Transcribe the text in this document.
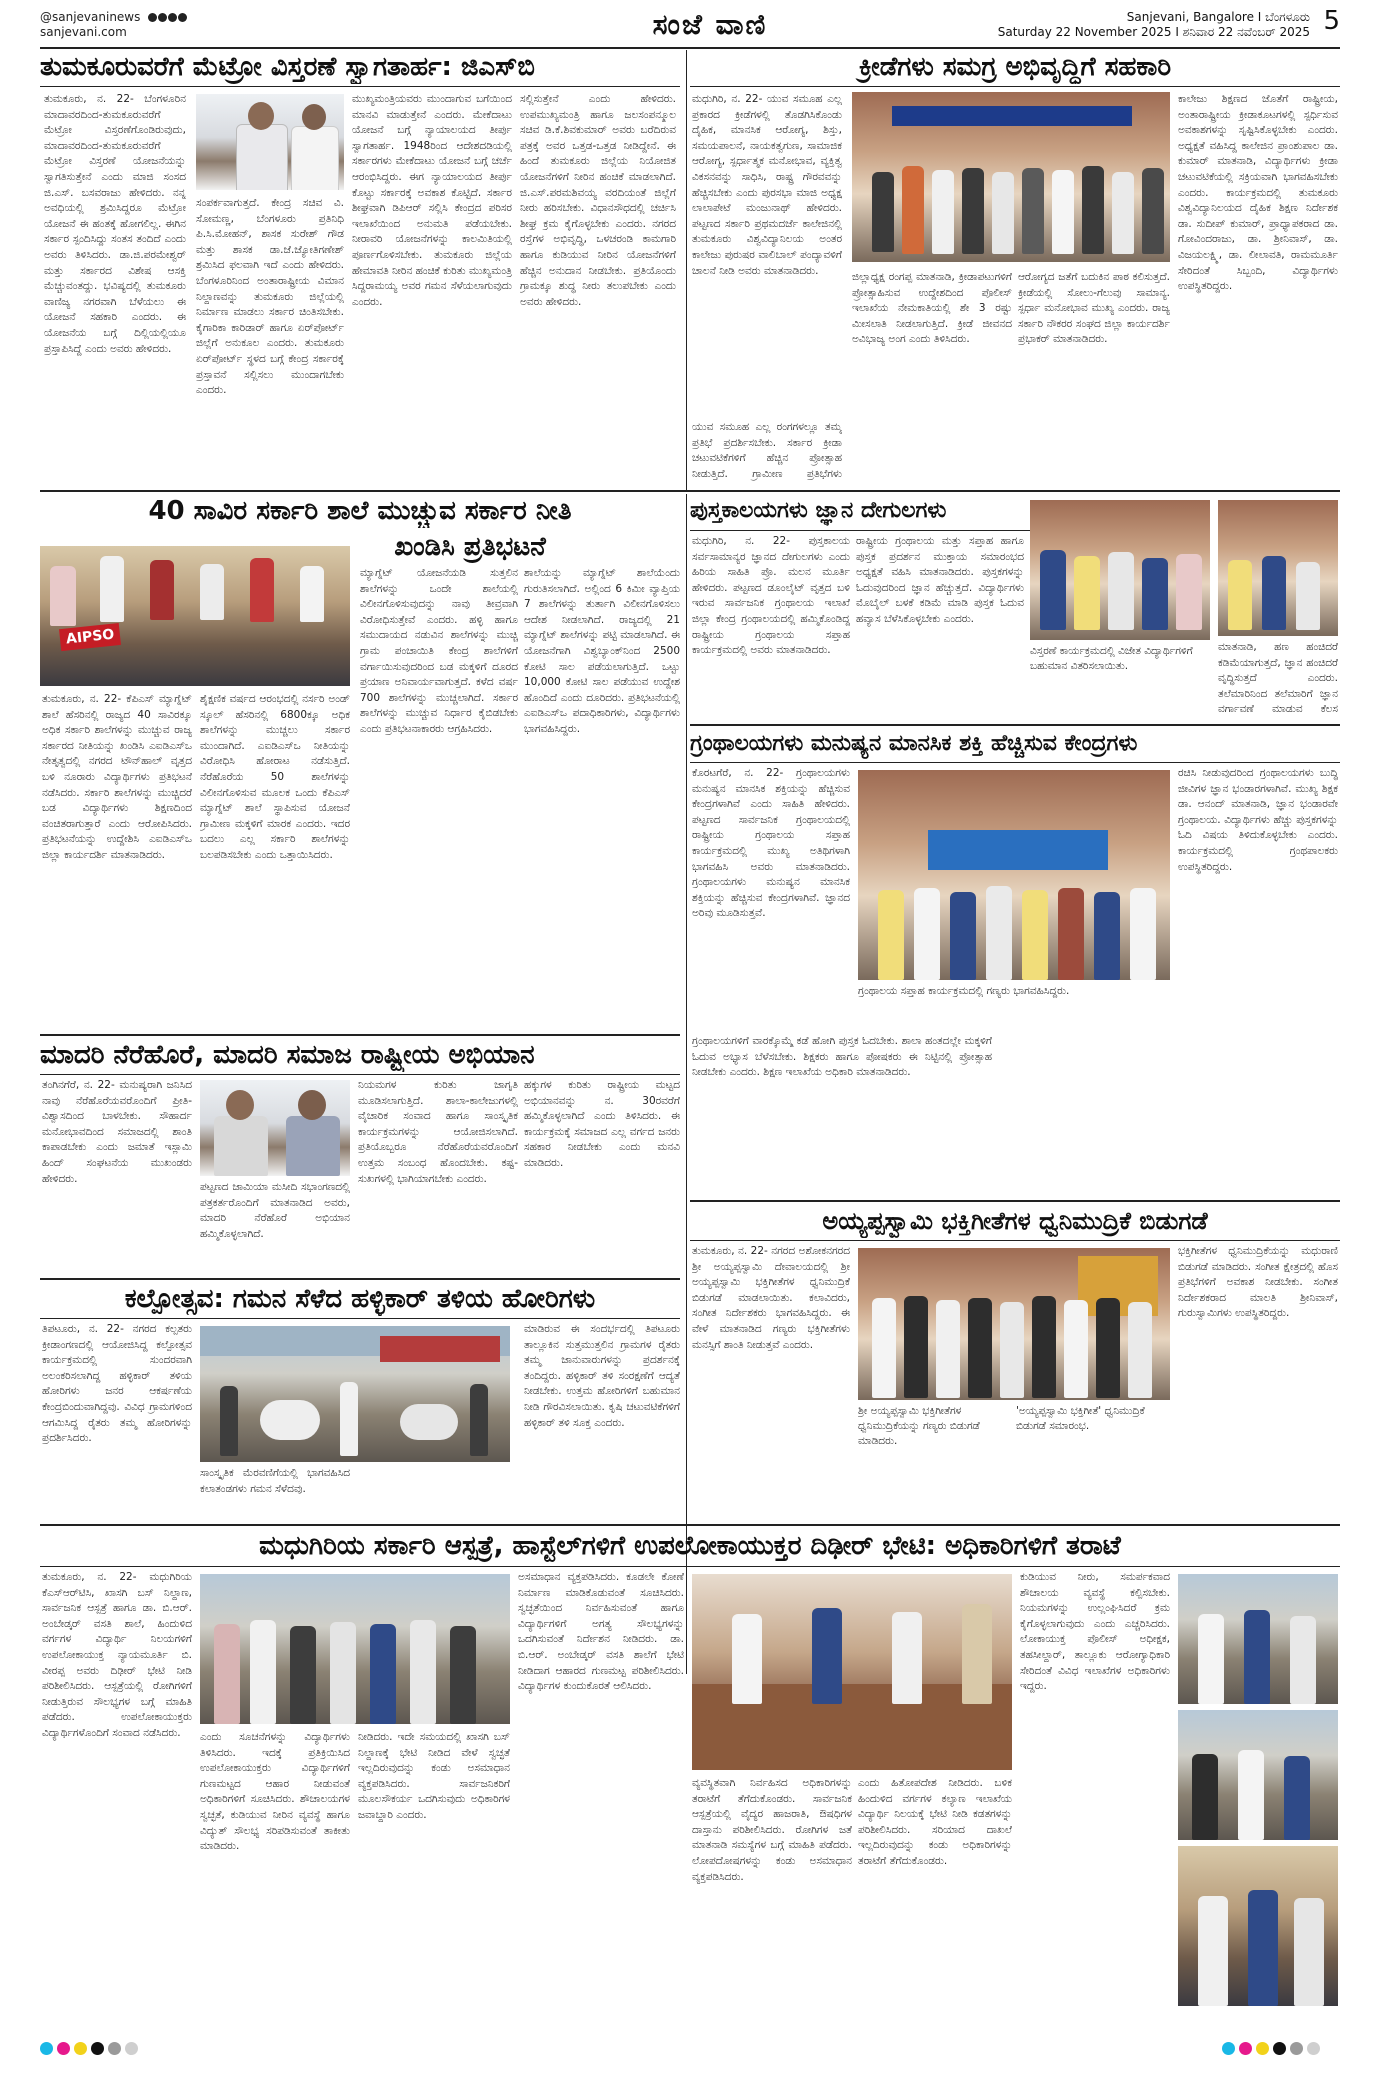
@sanjevaninews
sanjevani.com	ಸಂಜೆ ವಾಣಿ	Sanjevani, Bangalore I ಬೆಂಗಳೂರು
Saturday 22 November 2025 I ಶನಿವಾರ 22 ನವೆಂಬರ್ 2025 5
ತುಮಕೂರುವರೆಗೆ ಮೆಟ್ರೋ ವಿಸ್ತರಣೆ ಸ್ವಾಗತಾರ್ಹ: ಜಿಎಸ್‌ಬಿ
ತುಮಕೂರು, ನ. 22- ಬೆಂಗಳೂರಿನ ಮಾದಾವರದಿಂದ-ತುಮಕೂರುವರೆಗೆ ಮೆಟ್ರೋ ವಿಸ್ತರಣೆಗೊಂಡಿರುವುದು, ಮಾದಾವರದಿಂದ-ತುಮಕೂರುವರೆಗೆ ಮೆಟ್ರೋ ವಿಸ್ತರಣೆ ಯೋಜನೆಯನ್ನು ಸ್ವಾಗತಿಸುತ್ತೇನೆ ಎಂದು ಮಾಜಿ ಸಂಸದ ಜಿ.ಎಸ್. ಬಸವರಾಜು ಹೇಳಿದರು. ನನ್ನ ಅವಧಿಯಲ್ಲಿ ಶ್ರಮಿಸಿದ್ದರೂ ಮೆಟ್ರೋ ಯೋಜನೆ ಈ ಹಂತಕ್ಕೆ ಹೋಗಲಿಲ್ಲ. ಈಗಿನ ಸರ್ಕಾರ ಸ್ಪಂದಿಸಿದ್ದು ಸಂತಸ ತಂದಿದೆ ಎಂದು ಅವರು ತಿಳಿಸಿದರು. ಡಾ.ಜಿ.ಪರಮೇಶ್ವರ್ ಮತ್ತು ಸರ್ಕಾರದ ವಿಶೇಷ ಆಸಕ್ತಿ ಮೆಚ್ಚುವಂತದ್ದು. ಭವಿಷ್ಯದಲ್ಲಿ ತುಮಕೂರು ವಾಣಿಜ್ಯ ನಗರವಾಗಿ ಬೆಳೆಯಲು ಈ ಯೋಜನೆ ಸಹಕಾರಿ ಎಂದರು. ಈ ಯೋಜನೆಯ ಬಗ್ಗೆ ದಿಲ್ಲಿಯಲ್ಲಿಯೂ ಪ್ರಸ್ತಾಪಿಸಿದ್ದೆ ಎಂದು ಅವರು ಹೇಳಿದರು.
ಸಂಪರ್ಕವಾಗುತ್ತದೆ. ಕೇಂದ್ರ ಸಚಿವ ವಿ. ಸೋಮಣ್ಣ, ಬೆಂಗಳೂರು ಪ್ರತಿನಿಧಿ ಪಿ.ಸಿ.ಮೋಹನ್, ಶಾಸಕ ಸುರೇಶ್ ಗೌಡ ಮತ್ತು ಶಾಸಕ ಡಾ.ಜೆ.ಜ್ಯೋತಿಗಣೇಶ್ ಶ್ರಮಿಸಿದ ಫಲವಾಗಿ ಇದೆ ಎಂದು ಹೇಳಿದರು. ಬೆಂಗಳೂರಿನಿಂದ ಅಂತಾರಾಷ್ಟ್ರೀಯ ವಿಮಾನ ನಿಲ್ದಾಣವನ್ನು ತುಮಕೂರು ಜಿಲ್ಲೆಯಲ್ಲಿ ನಿರ್ಮಾಣ ಮಾಡಲು ಸರ್ಕಾರ ಚಿಂತಿಸಬೇಕು. ಕೈಗಾರಿಕಾ ಕಾರಿಡಾರ್ ಹಾಗೂ ಏರ್‌ಪೋರ್ಟ್ ಜಿಲ್ಲೆಗೆ ಅನುಕೂಲ ಎಂದರು. ತುಮಕೂರು ಏರ್‌ಪೋರ್ಟ್ ಸ್ಥಳದ ಬಗ್ಗೆ ಕೇಂದ್ರ ಸರ್ಕಾರಕ್ಕೆ ಪ್ರಸ್ತಾವನೆ ಸಲ್ಲಿಸಲು ಮುಂದಾಗಬೇಕು ಎಂದರು.
ಮುಖ್ಯಮಂತ್ರಿಯವರು ಮುಂದಾಗುವ ಬಗೆಯಿಂದ ಮಾನವಿ ಮಾಡುತ್ತೇನೆ ಎಂದರು. ಮೇಕೆದಾಟು ಯೋಜನೆ ಬಗ್ಗೆ ನ್ಯಾಯಾಲಯದ ತೀರ್ಪು ಸ್ವಾಗತಾರ್ಹ. 1948ರಿಂದ ಆದೇಶದಡಿಯಲ್ಲಿ ಸರ್ಕಾರಗಳು ಮೇಕೆದಾಟು ಯೋಜನೆ ಬಗ್ಗೆ ಚರ್ಚೆ ಆರಂಭಿಸಿದ್ದರು. ಈಗ ನ್ಯಾಯಾಲಯದ ತೀರ್ಪು ಕೊಟ್ಟು ಸರ್ಕಾರಕ್ಕೆ ಅವಕಾಶ ಕೊಟ್ಟಿದೆ. ಸರ್ಕಾರ ಶೀಘ್ರವಾಗಿ ಡಿಪಿಆರ್ ಸಲ್ಲಿಸಿ ಕೇಂದ್ರದ ಪರಿಸರ ಇಲಾಖೆಯಿಂದ ಅನುಮತಿ ಪಡೆಯಬೇಕು. ನೀರಾವರಿ ಯೋಜನೆಗಳನ್ನು ಕಾಲಮಿತಿಯಲ್ಲಿ ಪೂರ್ಣಗೊಳಿಸಬೇಕು. ತುಮಕೂರು ಜಿಲ್ಲೆಯ ಹೇಮಾವತಿ ನೀರಿನ ಹಂಚಿಕೆ ಕುರಿತು ಮುಖ್ಯಮಂತ್ರಿ ಸಿದ್ದರಾಮಯ್ಯ ಅವರ ಗಮನ ಸೆಳೆಯಲಾಗುವುದು ಎಂದರು.
ಸಲ್ಲಿಸುತ್ತೇನೆ ಎಂದು ಹೇಳಿದರು. ಉಪಮುಖ್ಯಮಂತ್ರಿ ಹಾಗೂ ಜಲಸಂಪನ್ಮೂಲ ಸಚಿವ ಡಿ.ಕೆ.ಶಿವಕುಮಾರ್ ಅವರು ಬರೆದಿರುವ ಪತ್ರಕ್ಕೆ ಅವರ ಒತ್ತಡ-ಒತ್ತಡ ನೀಡಿದ್ದೇನೆ. ಈ ಹಿಂದೆ ತುಮಕೂರು ಜಿಲ್ಲೆಯ ನಿಯೋಜಿತ ಯೋಜನೆಗಳಿಗೆ ನೀರಿನ ಹಂಚಿಕೆ ಮಾಡಲಾಗಿದೆ. ಜಿ.ಎಸ್.ಪರಮಶಿವಯ್ಯ ವರದಿಯಂತೆ ಜಿಲ್ಲೆಗೆ ನೀರು ಹರಿಸಬೇಕು. ವಿಧಾನಸೌಧದಲ್ಲಿ ಚರ್ಚಿಸಿ ಶೀಘ್ರ ಕ್ರಮ ಕೈಗೊಳ್ಳಬೇಕು ಎಂದರು. ನಗರದ ರಸ್ತೆಗಳ ಅಭಿವೃದ್ಧಿ, ಒಳಚರಂಡಿ ಕಾಮಗಾರಿ ಹಾಗೂ ಕುಡಿಯುವ ನೀರಿನ ಯೋಜನೆಗಳಿಗೆ ಹೆಚ್ಚಿನ ಅನುದಾನ ನೀಡಬೇಕು. ಪ್ರತಿಯೊಂದು ಗ್ರಾಮಕ್ಕೂ ಶುದ್ಧ ನೀರು ತಲುಪಬೇಕು ಎಂದು ಅವರು ಹೇಳಿದರು.
ಕ್ರೀಡೆಗಳು ಸಮಗ್ರ ಅಭಿವೃದ್ಧಿಗೆ ಸಹಕಾರಿ
ಮಧುಗಿರಿ, ನ. 22- ಯುವ ಸಮೂಹ ಎಲ್ಲ ಪ್ರಕಾರದ ಕ್ರೀಡೆಗಳಲ್ಲಿ ತೊಡಗಿಸಿಕೊಂಡು ದೈಹಿಕ, ಮಾನಸಿಕ ಆರೋಗ್ಯ, ಶಿಸ್ತು, ಸಮಯಪಾಲನೆ, ನಾಯಕತ್ವಗುಣ, ಸಾಮಾಜಿಕ ಆರೋಗ್ಯ, ಸ್ಪರ್ಧಾತ್ಮಕ ಮನೋಭಾವ, ವ್ಯಕ್ತಿತ್ವ ವಿಕಸನವನ್ನು ಸಾಧಿಸಿ, ರಾಷ್ಟ್ರ ಗೌರವವನ್ನು ಹೆಚ್ಚಿಸಬೇಕು ಎಂದು ಪುರಸಭಾ ಮಾಜಿ ಅಧ್ಯಕ್ಷ ಲಾಲಾಪೇಟೆ ಮಂಜುನಾಥ್ ಹೇಳಿದರು. ಪಟ್ಟಣದ ಸರ್ಕಾರಿ ಪ್ರಥಮದರ್ಜೆ ಕಾಲೇಜಿನಲ್ಲಿ ತುಮಕೂರು ವಿಶ್ವವಿದ್ಯಾನಿಲಯ ಅಂತರ ಕಾಲೇಜು ಪುರುಷರ ವಾಲಿಬಾಲ್ ಪಂದ್ಯಾವಳಿಗೆ ಚಾಲನೆ ನೀಡಿ ಅವರು ಮಾತನಾಡಿದರು.
ಜಿಲ್ಲಾಧ್ಯಕ್ಷ ರಂಗಪ್ಪ ಮಾತನಾಡಿ, ಕ್ರೀಡಾಪಟುಗಳಿಗೆ ಪ್ರೋತ್ಸಾಹಿಸುವ ಉದ್ದೇಶದಿಂದ ಪೊಲೀಸ್ ಇಲಾಖೆಯ ನೇಮಕಾತಿಯಲ್ಲಿ ಶೇ 3 ರಷ್ಟು ಮೀಸಲಾತಿ ನೀಡಲಾಗುತ್ತಿದೆ. ಕ್ರೀಡೆ ಜೀವನದ ಅವಿಭಾಜ್ಯ ಅಂಗ ಎಂದು ತಿಳಿಸಿದರು.
ಆರೋಗ್ಯದ ಜತೆಗೆ ಬದುಕಿನ ಪಾಠ ಕಲಿಸುತ್ತದೆ. ಕ್ರೀಡೆಯಲ್ಲಿ ಸೋಲು-ಗೆಲುವು ಸಾಮಾನ್ಯ. ಸ್ಪರ್ಧಾ ಮನೋಭಾವ ಮುಖ್ಯ ಎಂದರು. ರಾಜ್ಯ ಸರ್ಕಾರಿ ನೌಕರರ ಸಂಘದ ಜಿಲ್ಲಾ ಕಾರ್ಯದರ್ಶಿ ಪ್ರಭಾಕರ್ ಮಾತನಾಡಿದರು.
ಯುವ ಸಮೂಹ ಎಲ್ಲ ರಂಗಗಳಲ್ಲೂ ತಮ್ಮ ಪ್ರತಿಭೆ ಪ್ರದರ್ಶಿಸಬೇಕು. ಸರ್ಕಾರ ಕ್ರೀಡಾ ಚಟುವಟಿಕೆಗಳಿಗೆ ಹೆಚ್ಚಿನ ಪ್ರೋತ್ಸಾಹ ನೀಡುತ್ತಿದೆ. ಗ್ರಾಮೀಣ ಪ್ರತಿಭೆಗಳು
ಕಾಲೇಜು ಶಿಕ್ಷಣದ ಜೊತೆಗೆ ರಾಷ್ಟ್ರೀಯ, ಅಂತಾರಾಷ್ಟ್ರೀಯ ಕ್ರೀಡಾಕೂಟಗಳಲ್ಲಿ ಸ್ಪರ್ಧಿಸುವ ಅವಕಾಶಗಳನ್ನು ಸೃಷ್ಟಿಸಿಕೊಳ್ಳಬೇಕು ಎಂದರು. ಅಧ್ಯಕ್ಷತೆ ವಹಿಸಿದ್ದ ಕಾಲೇಜಿನ ಪ್ರಾಂಶುಪಾಲ ಡಾ. ಕುಮಾರ್ ಮಾತನಾಡಿ, ವಿದ್ಯಾರ್ಥಿಗಳು ಕ್ರೀಡಾ ಚಟುವಟಿಕೆಯಲ್ಲಿ ಸಕ್ರಿಯವಾಗಿ ಭಾಗವಹಿಸಬೇಕು ಎಂದರು. ಕಾರ್ಯಕ್ರಮದಲ್ಲಿ ತುಮಕೂರು ವಿಶ್ವವಿದ್ಯಾನಿಲಯದ ದೈಹಿಕ ಶಿಕ್ಷಣ ನಿರ್ದೇಶಕ ಡಾ. ಸುದೀಪ್ ಕುಮಾರ್, ಪ್ರಾಧ್ಯಾಪಕರಾದ ಡಾ. ಗೋವಿಂದರಾಜು, ಡಾ. ಶ್ರೀನಿವಾಸ್, ಡಾ. ವಿಜಯಲಕ್ಷ್ಮಿ, ಡಾ. ಲೀಲಾವತಿ, ರಾಮಮೂರ್ತಿ ಸೇರಿದಂತೆ ಸಿಬ್ಬಂದಿ, ವಿದ್ಯಾರ್ಥಿಗಳು ಉಪಸ್ಥಿತರಿದ್ದರು.
40 ಸಾವಿರ ಸರ್ಕಾರಿ ಶಾಲೆ ಮುಚ್ಚುವ ಸರ್ಕಾರ ನೀತಿ
ಖಂಡಿಸಿ ಪ್ರತಿಭಟನೆ
AIPSO
ತುಮಕೂರು, ನ. 22- ಕೆಪಿಎಸ್ ಮ್ಯಾಗ್ನೆಟ್ ಶಾಲೆ ಹೆಸರಿನಲ್ಲಿ ರಾಜ್ಯದ 40 ಸಾವಿರಕ್ಕೂ ಅಧಿಕ ಸರ್ಕಾರಿ ಶಾಲೆಗಳನ್ನು ಮುಚ್ಚುವ ರಾಜ್ಯ ಸರ್ಕಾರದ ನೀತಿಯನ್ನು ಖಂಡಿಸಿ ಎಐಡಿಎಸ್‌ಒ ನೇತೃತ್ವದಲ್ಲಿ ನಗರದ ಟೌನ್‌ಹಾಲ್ ವೃತ್ತದ ಬಳಿ ನೂರಾರು ವಿದ್ಯಾರ್ಥಿಗಳು ಪ್ರತಿಭಟನೆ ನಡೆಸಿದರು. ಸರ್ಕಾರಿ ಶಾಲೆಗಳನ್ನು ಮುಚ್ಚಿದರೆ ಬಡ ವಿದ್ಯಾರ್ಥಿಗಳು ಶಿಕ್ಷಣದಿಂದ ವಂಚಿತರಾಗುತ್ತಾರೆ ಎಂದು ಆರೋಪಿಸಿದರು. ಪ್ರತಿಭಟನೆಯನ್ನು ಉದ್ದೇಶಿಸಿ ಎಐಡಿಎಸ್‌ಒ ಜಿಲ್ಲಾ ಕಾರ್ಯದರ್ಶಿ ಮಾತನಾಡಿದರು.
ಶೈಕ್ಷಣಿಕ ವರ್ಷದ ಆರಂಭದಲ್ಲಿ ನರ್ಸರಿ ಅಂಡ್ ಸ್ಕೂಲ್ ಹೆಸರಿನಲ್ಲಿ 6800ಕ್ಕೂ ಅಧಿಕ ಶಾಲೆಗಳನ್ನು ಮುಚ್ಚಲು ಸರ್ಕಾರ ಮುಂದಾಗಿದೆ. ಎಐಡಿಎಸ್‌ಒ ನೀತಿಯನ್ನು ವಿರೋಧಿಸಿ ಹೋರಾಟ ನಡೆಸುತ್ತಿದೆ. ನೆರೆಹೊರೆಯ 50 ಶಾಲೆಗಳನ್ನು ವಿಲೀನಗೊಳಿಸುವ ಮೂಲಕ ಒಂದು ಕೆಪಿಎಸ್ ಮ್ಯಾಗ್ನೆಟ್ ಶಾಲೆ ಸ್ಥಾಪಿಸುವ ಯೋಜನೆ ಗ್ರಾಮೀಣ ಮಕ್ಕಳಿಗೆ ಮಾರಕ ಎಂದರು. ಇದರ ಬದಲು ಎಲ್ಲ ಸರ್ಕಾರಿ ಶಾಲೆಗಳನ್ನು ಬಲಪಡಿಸಬೇಕು ಎಂದು ಒತ್ತಾಯಿಸಿದರು.
ಮ್ಯಾಗ್ನೆಟ್ ಯೋಜನೆಯಡಿ ಸುತ್ತಲಿನ ಶಾಲೆಗಳನ್ನು ಒಂದೇ ಶಾಲೆಯಲ್ಲಿ ವಿಲೀನಗೊಳಿಸುವುದನ್ನು ನಾವು ತೀವ್ರವಾಗಿ ವಿರೋಧಿಸುತ್ತೇವೆ ಎಂದರು. ಹಳ್ಳಿ ಹಾಗೂ ಸಮುದಾಯದ ನಡುವಿನ ಶಾಲೆಗಳನ್ನು ಮುಚ್ಚಿ ಗ್ರಾಮ ಪಂಚಾಯಿತಿ ಕೇಂದ್ರ ಶಾಲೆಗಳಿಗೆ ವರ್ಗಾಯಿಸುವುದರಿಂದ ಬಡ ಮಕ್ಕಳಿಗೆ ದೂರದ ಪ್ರಯಾಣ ಅನಿವಾರ್ಯವಾಗುತ್ತದೆ. ಕಳೆದ ವರ್ಷ 700 ಶಾಲೆಗಳನ್ನು ಮುಚ್ಚಲಾಗಿದೆ. ಸರ್ಕಾರ ಶಾಲೆಗಳನ್ನು ಮುಚ್ಚುವ ನಿರ್ಧಾರ ಕೈಬಿಡಬೇಕು ಎಂದು ಪ್ರತಿಭಟನಾಕಾರರು ಆಗ್ರಹಿಸಿದರು.
ಶಾಲೆಯನ್ನು ಮ್ಯಾಗ್ನೆಟ್ ಶಾಲೆಯೆಂದು ಗುರುತಿಸಲಾಗಿದೆ. ಅಲ್ಲಿಂದ 6 ಕಿಮೀ ವ್ಯಾಪ್ತಿಯ 7 ಶಾಲೆಗಳನ್ನು ತುರ್ತಾಗಿ ವಿಲೀನಗೊಳಿಸಲು ಆದೇಶ ನೀಡಲಾಗಿದೆ. ರಾಜ್ಯದಲ್ಲಿ 21 ಮ್ಯಾಗ್ನೆಟ್ ಶಾಲೆಗಳನ್ನು ಪಟ್ಟಿ ಮಾಡಲಾಗಿದೆ. ಈ ಯೋಜನೆಗಾಗಿ ವಿಶ್ವಬ್ಯಾಂಕ್‌ನಿಂದ 2500 ಕೋಟಿ ಸಾಲ ಪಡೆಯಲಾಗುತ್ತಿದೆ. ಒಟ್ಟು 10,000 ಕೋಟಿ ಸಾಲ ಪಡೆಯುವ ಉದ್ದೇಶ ಹೊಂದಿದೆ ಎಂದು ದೂರಿದರು. ಪ್ರತಿಭಟನೆಯಲ್ಲಿ ಎಐಡಿಎಸ್‌ಒ ಪದಾಧಿಕಾರಿಗಳು, ವಿದ್ಯಾರ್ಥಿಗಳು ಭಾಗವಹಿಸಿದ್ದರು.
ಪುಸ್ತಕಾಲಯಗಳು ಜ್ಞಾನ ದೇಗುಲಗಳು
ಮಧುಗಿರಿ, ನ. 22- ಪುಸ್ತಕಾಲಯ ಸರ್ವಸಾಮಾನ್ಯರ ಜ್ಞಾನದ ದೇಗುಲಗಳು ಎಂದು ಹಿರಿಯ ಸಾಹಿತಿ ಪ್ರೊ. ಮಲನ ಮೂರ್ತಿ ಹೇಳಿದರು. ಪಟ್ಟಣದ ಡೂಂಲೈಟ್ ವೃತ್ತದ ಬಳಿ ಇರುವ ಸಾರ್ವಜನಿಕ ಗ್ರಂಥಾಲಯ ಇಲಾಖೆ ಜಿಲ್ಲಾ ಕೇಂದ್ರ ಗ್ರಂಥಾಲಯದಲ್ಲಿ ಹಮ್ಮಿಕೊಂಡಿದ್ದ ರಾಷ್ಟ್ರೀಯ ಗ್ರಂಥಾಲಯ ಸಪ್ತಾಹ ಕಾರ್ಯಕ್ರಮದಲ್ಲಿ ಅವರು ಮಾತನಾಡಿದರು.
ರಾಷ್ಟ್ರೀಯ ಗ್ರಂಥಾಲಯ ಮತ್ತು ಸಪ್ತಾಹ ಹಾಗೂ ಪುಸ್ತಕ ಪ್ರದರ್ಶನ ಮುಕ್ತಾಯ ಸಮಾರಂಭದ ಅಧ್ಯಕ್ಷತೆ ವಹಿಸಿ ಮಾತನಾಡಿದರು. ಪುಸ್ತಕಗಳನ್ನು ಓದುವುದರಿಂದ ಜ್ಞಾನ ಹೆಚ್ಚುತ್ತದೆ. ವಿದ್ಯಾರ್ಥಿಗಳು ಮೊಬೈಲ್ ಬಳಕೆ ಕಡಿಮೆ ಮಾಡಿ ಪುಸ್ತಕ ಓದುವ ಹವ್ಯಾಸ ಬೆಳೆಸಿಕೊಳ್ಳಬೇಕು ಎಂದರು.
ವಿಸ್ತರಣೆ ಕಾರ್ಯಕ್ರಮದಲ್ಲಿ ವಿಜೇತ ವಿದ್ಯಾರ್ಥಿಗಳಿಗೆ ಬಹುಮಾನ ವಿತರಿಸಲಾಯಿತು.
ಮಾತನಾಡಿ, ಹಣ ಹಂಚಿದರೆ ಕಡಿಮೆಯಾಗುತ್ತದೆ, ಜ್ಞಾನ ಹಂಚಿದರೆ ವೃದ್ಧಿಸುತ್ತದೆ ಎಂದರು. ತಲೆಮಾರಿನಿಂದ ತಲೆಮಾರಿಗೆ ಜ್ಞಾನ ವರ್ಗಾವಣೆ ಮಾಡುವ ಕೆಲಸ
ಗ್ರಂಥಾಲಯಗಳು ಮನುಷ್ಯನ ಮಾನಸಿಕ ಶಕ್ತಿ ಹೆಚ್ಚಿಸುವ ಕೇಂದ್ರಗಳು
ಕೊರಟಗೆರೆ, ನ. 22- ಗ್ರಂಥಾಲಯಗಳು ಮನುಷ್ಯನ ಮಾನಸಿಕ ಶಕ್ತಿಯನ್ನು ಹೆಚ್ಚಿಸುವ ಕೇಂದ್ರಗಳಾಗಿವೆ ಎಂದು ಸಾಹಿತಿ ಹೇಳಿದರು. ಪಟ್ಟಣದ ಸಾರ್ವಜನಿಕ ಗ್ರಂಥಾಲಯದಲ್ಲಿ ರಾಷ್ಟ್ರೀಯ ಗ್ರಂಥಾಲಯ ಸಪ್ತಾಹ ಕಾರ್ಯಕ್ರಮದಲ್ಲಿ ಮುಖ್ಯ ಅತಿಥಿಗಳಾಗಿ ಭಾಗವಹಿಸಿ ಅವರು ಮಾತನಾಡಿದರು. ಗ್ರಂಥಾಲಯಗಳು ಮನುಷ್ಯನ ಮಾನಸಿಕ ಶಕ್ತಿಯನ್ನು ಹೆಚ್ಚಿಸುವ ಕೇಂದ್ರಗಳಾಗಿವೆ. ಜ್ಞಾನದ ಅರಿವು ಮೂಡಿಸುತ್ತವೆ.
ಗ್ರಂಥಾಲಯ ಸಪ್ತಾಹ ಕಾರ್ಯಕ್ರಮದಲ್ಲಿ ಗಣ್ಯರು ಭಾಗವಹಿಸಿದ್ದರು.
ಗ್ರಂಥಾಲಯಗಳಿಗೆ ವಾರಕ್ಕೊಮ್ಮೆ ಕಡೆ ಹೋಗಿ ಪುಸ್ತಕ ಓದಬೇಕು. ಶಾಲಾ ಹಂತದಲ್ಲೇ ಮಕ್ಕಳಿಗೆ ಓದುವ ಅಭ್ಯಾಸ ಬೆಳೆಸಬೇಕು. ಶಿಕ್ಷಕರು ಹಾಗೂ ಪೋಷಕರು ಈ ನಿಟ್ಟಿನಲ್ಲಿ ಪ್ರೋತ್ಸಾಹ ನೀಡಬೇಕು ಎಂದರು. ಶಿಕ್ಷಣ ಇಲಾಖೆಯ ಅಧಿಕಾರಿ ಮಾತನಾಡಿದರು.
ರಚಿಸಿ ನೀಡುವುದರಿಂದ ಗ್ರಂಥಾಲಯಗಳು ಬುದ್ಧಿ ಜೀವಿಗಳ ಜ್ಞಾನ ಭಂಡಾರಗಳಾಗಿವೆ. ಮುಖ್ಯ ಶಿಕ್ಷಕ ಡಾ. ಆನಂದ್ ಮಾತನಾಡಿ, ಜ್ಞಾನ ಭಂಡಾರವೇ ಗ್ರಂಥಾಲಯ. ವಿದ್ಯಾರ್ಥಿಗಳು ಹೆಚ್ಚು ಪುಸ್ತಕಗಳನ್ನು ಓದಿ ವಿಷಯ ತಿಳಿದುಕೊಳ್ಳಬೇಕು ಎಂದರು. ಕಾರ್ಯಕ್ರಮದಲ್ಲಿ ಗ್ರಂಥಪಾಲಕರು ಉಪಸ್ಥಿತರಿದ್ದರು.
ಮಾದರಿ ನೆರೆಹೊರೆ, ಮಾದರಿ ಸಮಾಜ ರಾಷ್ಟ್ರೀಯ ಅಭಿಯಾನ
ತಂಗಿನಗೆರೆ, ನ. 22- ಮನುಷ್ಯರಾಗಿ ಜನಿಸಿದ ನಾವು ನೆರೆಹೊರೆಯವರೊಂದಿಗೆ ಪ್ರೀತಿ-ವಿಶ್ವಾಸದಿಂದ ಬಾಳಬೇಕು. ಸೌಹಾರ್ದ ಮನೋಭಾವದಿಂದ ಸಮಾಜದಲ್ಲಿ ಶಾಂತಿ ಕಾಪಾಡಬೇಕು ಎಂದು ಜಮಾತೆ ಇಸ್ಲಾಮಿ ಹಿಂದ್ ಸಂಘಟನೆಯ ಮುಖಂಡರು ಹೇಳಿದರು.
ಪಟ್ಟಣದ ಜಾಮಿಯಾ ಮಸೀದಿ ಸಭಾಂಗಣದಲ್ಲಿ ಪತ್ರಕರ್ತರೊಂದಿಗೆ ಮಾತನಾಡಿದ ಅವರು, ಮಾದರಿ ನೆರೆಹೊರೆ ಅಭಿಯಾನ ಹಮ್ಮಿಕೊಳ್ಳಲಾಗಿದೆ.
ನಿಯಮಗಳ ಕುರಿತು ಜಾಗೃತಿ ಮೂಡಿಸಲಾಗುತ್ತಿದೆ. ಶಾಲಾ-ಕಾಲೇಜುಗಳಲ್ಲಿ ವೈಚಾರಿಕ ಸಂವಾದ ಹಾಗೂ ಸಾಂಸ್ಕೃತಿಕ ಕಾರ್ಯಕ್ರಮಗಳನ್ನು ಆಯೋಜಿಸಲಾಗಿದೆ. ಪ್ರತಿಯೊಬ್ಬರೂ ನೆರೆಹೊರೆಯವರೊಂದಿಗೆ ಉತ್ತಮ ಸಂಬಂಧ ಹೊಂದಬೇಕು. ಕಷ್ಟ-ಸುಖಗಳಲ್ಲಿ ಭಾಗಿಯಾಗಬೇಕು ಎಂದರು.
ಹಕ್ಕುಗಳ ಕುರಿತು ರಾಷ್ಟ್ರೀಯ ಮಟ್ಟದ ಅಭಿಯಾನವನ್ನು ನ. 30ರವರೆಗೆ ಹಮ್ಮಿಕೊಳ್ಳಲಾಗಿದೆ ಎಂದು ತಿಳಿಸಿದರು. ಈ ಕಾರ್ಯಕ್ರಮಕ್ಕೆ ಸಮಾಜದ ಎಲ್ಲ ವರ್ಗದ ಜನರು ಸಹಕಾರ ನೀಡಬೇಕು ಎಂದು ಮನವಿ ಮಾಡಿದರು.
ಅಯ್ಯಪ್ಪಸ್ವಾಮಿ ಭಕ್ತಿಗೀತೆಗಳ ಧ್ವನಿಮುದ್ರಿಕೆ ಬಿಡುಗಡೆ
ತುಮಕೂರು, ನ. 22- ನಗರದ ಅಶೋಕನಗರದ ಶ್ರೀ ಅಯ್ಯಪ್ಪಸ್ವಾಮಿ ದೇವಾಲಯದಲ್ಲಿ ಶ್ರೀ ಅಯ್ಯಪ್ಪಸ್ವಾಮಿ ಭಕ್ತಿಗೀತೆಗಳ ಧ್ವನಿಮುದ್ರಿಕೆ ಬಿಡುಗಡೆ ಮಾಡಲಾಯಿತು. ಕಲಾವಿದರು, ಸಂಗೀತ ನಿರ್ದೇಶಕರು ಭಾಗವಹಿಸಿದ್ದರು. ಈ ವೇಳೆ ಮಾತನಾಡಿದ ಗಣ್ಯರು ಭಕ್ತಿಗೀತೆಗಳು ಮನಸ್ಸಿಗೆ ಶಾಂತಿ ನೀಡುತ್ತವೆ ಎಂದರು.
ಶ್ರೀ ಅಯ್ಯಪ್ಪಸ್ವಾಮಿ ಭಕ್ತಿಗೀತೆಗಳ ಧ್ವನಿಮುದ್ರಿಕೆಯನ್ನು ಗಣ್ಯರು ಬಿಡುಗಡೆ ಮಾಡಿದರು.
'ಅಯ್ಯಪ್ಪಸ್ವಾಮಿ ಭಕ್ತಿಗೀತೆ' ಧ್ವನಿಮುದ್ರಿಕೆ ಬಿಡುಗಡೆ ಸಮಾರಂಭ.
ಭಕ್ತಿಗೀತೆಗಳ ಧ್ವನಿಮುದ್ರಿಕೆಯನ್ನು ಮಧುರಾಣಿ ಬಿಡುಗಡೆ ಮಾಡಿದರು. ಸಂಗೀತ ಕ್ಷೇತ್ರದಲ್ಲಿ ಹೊಸ ಪ್ರತಿಭೆಗಳಿಗೆ ಅವಕಾಶ ನೀಡಬೇಕು. ಸಂಗೀತ ನಿರ್ದೇಶಕರಾದ ಮಾಲತಿ ಶ್ರೀನಿವಾಸ್, ಗುರುಸ್ವಾಮಿಗಳು ಉಪಸ್ಥಿತರಿದ್ದರು.
ಕಲ್ಪೋತ್ಸವ: ಗಮನ ಸೆಳೆದ ಹಳ್ಳಿಕಾರ್ ತಳಿಯ ಹೋರಿಗಳು
ತಿಪಟೂರು, ನ. 22- ನಗರದ ಕಲ್ಪತರು ಕ್ರೀಡಾಂಗಣದಲ್ಲಿ ಆಯೋಜಿಸಿದ್ದ ಕಲ್ಪೋತ್ಸವ ಕಾರ್ಯಕ್ರಮದಲ್ಲಿ ಸುಂದರವಾಗಿ ಅಲಂಕರಿಸಲಾಗಿದ್ದ ಹಳ್ಳಿಕಾರ್ ತಳಿಯ ಹೋರಿಗಳು ಜನರ ಆಕರ್ಷಣೆಯ ಕೇಂದ್ರಬಿಂದುವಾಗಿದ್ದವು. ವಿವಿಧ ಗ್ರಾಮಗಳಿಂದ ಆಗಮಿಸಿದ್ದ ರೈತರು ತಮ್ಮ ಹೋರಿಗಳನ್ನು ಪ್ರದರ್ಶಿಸಿದರು.
ಸಾಂಸ್ಕೃತಿಕ ಮೆರವಣಿಗೆಯಲ್ಲಿ ಭಾಗವಹಿಸಿದ ಕಲಾತಂಡಗಳು ಗಮನ ಸೆಳೆದವು.
ಮಾಡಿರುವ ಈ ಸಂದರ್ಭದಲ್ಲಿ ತಿಪಟೂರು ತಾಲ್ಲೂಕಿನ ಸುತ್ತಮುತ್ತಲಿನ ಗ್ರಾಮಗಳ ರೈತರು ತಮ್ಮ ಜಾನುವಾರುಗಳನ್ನು ಪ್ರದರ್ಶನಕ್ಕೆ ತಂದಿದ್ದರು. ಹಳ್ಳಿಕಾರ್ ತಳಿ ಸಂರಕ್ಷಣೆಗೆ ಆದ್ಯತೆ ನೀಡಬೇಕು. ಉತ್ತಮ ಹೋರಿಗಳಿಗೆ ಬಹುಮಾನ ನೀಡಿ ಗೌರವಿಸಲಾಯಿತು. ಕೃಷಿ ಚಟುವಟಿಕೆಗಳಿಗೆ ಹಳ್ಳಿಕಾರ್ ತಳಿ ಸೂಕ್ತ ಎಂದರು.
ಮಧುಗಿರಿಯ ಸರ್ಕಾರಿ ಆಸ್ಪತ್ರೆ, ಹಾಸ್ಟೆಲ್‌ಗಳಿಗೆ ಉಪಲೋಕಾಯುಕ್ತರ ದಿಢೀರ್ ಭೇಟಿ: ಅಧಿಕಾರಿಗಳಿಗೆ ತರಾಟೆ
ತುಮಕೂರು, ನ. 22- ಮಧುಗಿರಿಯ ಕೆಎಸ್‌ಆರ್‌ಟಿಸಿ, ಖಾಸಗಿ ಬಸ್ ನಿಲ್ದಾಣ, ಸಾರ್ವಜನಿಕ ಆಸ್ಪತ್ರೆ ಹಾಗೂ ಡಾ. ಬಿ.ಆರ್. ಅಂಬೇಡ್ಕರ್ ವಸತಿ ಶಾಲೆ, ಹಿಂದುಳಿದ ವರ್ಗಗಳ ವಿದ್ಯಾರ್ಥಿ ನಿಲಯಗಳಿಗೆ ಉಪಲೋಕಾಯುಕ್ತ ನ್ಯಾಯಮೂರ್ತಿ ಬಿ. ವೀರಪ್ಪ ಅವರು ದಿಢೀರ್ ಭೇಟಿ ನೀಡಿ ಪರಿಶೀಲಿಸಿದರು. ಆಸ್ಪತ್ರೆಯಲ್ಲಿ ರೋಗಿಗಳಿಗೆ ನೀಡುತ್ತಿರುವ ಸೌಲಭ್ಯಗಳ ಬಗ್ಗೆ ಮಾಹಿತಿ ಪಡೆದರು. ಉಪಲೋಕಾಯುಕ್ತರು ವಿದ್ಯಾರ್ಥಿಗಳೊಂದಿಗೆ ಸಂವಾದ ನಡೆಸಿದರು.	ಎಂದು ಸೂಚನೆಗಳನ್ನು ವಿದ್ಯಾರ್ಥಿಗಳು ತಿಳಿಸಿದರು. ಇದಕ್ಕೆ ಪ್ರತಿಕ್ರಿಯಿಸಿದ ಉಪಲೋಕಾಯುಕ್ತರು ವಿದ್ಯಾರ್ಥಿಗಳಿಗೆ ಗುಣಮಟ್ಟದ ಆಹಾರ ನೀಡುವಂತೆ ಅಧಿಕಾರಿಗಳಿಗೆ ಸೂಚಿಸಿದರು. ಶೌಚಾಲಯಗಳ ಸ್ವಚ್ಛತೆ, ಕುಡಿಯುವ ನೀರಿನ ವ್ಯವಸ್ಥೆ ಹಾಗೂ ವಿದ್ಯುತ್ ಸೌಲಭ್ಯ ಸರಿಪಡಿಸುವಂತೆ ತಾಕೀತು ಮಾಡಿದರು.
ನೀಡಿದರು. ಇದೇ ಸಮಯದಲ್ಲಿ ಖಾಸಗಿ ಬಸ್ ನಿಲ್ದಾಣಕ್ಕೆ ಭೇಟಿ ನೀಡಿದ ವೇಳೆ ಸ್ವಚ್ಛತೆ ಇಲ್ಲದಿರುವುದನ್ನು ಕಂಡು ಅಸಮಾಧಾನ ವ್ಯಕ್ತಪಡಿಸಿದರು. ಸಾರ್ವಜನಿಕರಿಗೆ ಮೂಲಸೌಕರ್ಯ ಒದಗಿಸುವುದು ಅಧಿಕಾರಿಗಳ ಜವಾಬ್ದಾರಿ ಎಂದರು.
ಅಸಮಾಧಾನ ವ್ಯಕ್ತಪಡಿಸಿದರು. ಕೂಡಲೇ ಕೋಣೆ ನಿರ್ಮಾಣ ಮಾಡಿಕೊಡುವಂತೆ ಸೂಚಿಸಿದರು. ಸ್ವಚ್ಛತೆಯಿಂದ ನಿರ್ವಹಿಸುವಂತೆ ಹಾಗೂ ವಿದ್ಯಾರ್ಥಿಗಳಿಗೆ ಅಗತ್ಯ ಸೌಲಭ್ಯಗಳನ್ನು ಒದಗಿಸುವಂತೆ ನಿರ್ದೇಶನ ನೀಡಿದರು. ಡಾ. ಬಿ.ಆರ್. ಅಂಬೇಡ್ಕರ್ ವಸತಿ ಶಾಲೆಗೆ ಭೇಟಿ ನೀಡಿದಾಗ ಆಹಾರದ ಗುಣಮಟ್ಟ ಪರಿಶೀಲಿಸಿದರು. ವಿದ್ಯಾರ್ಥಿಗಳ ಕುಂದುಕೊರತೆ ಆಲಿಸಿದರು.
ವ್ಯವಸ್ಥಿತವಾಗಿ ನಿರ್ವಹಿಸದ ಅಧಿಕಾರಿಗಳನ್ನು ತರಾಟೆಗೆ ತೆಗೆದುಕೊಂಡರು. ಸಾರ್ವಜನಿಕ ಆಸ್ಪತ್ರೆಯಲ್ಲಿ ವೈದ್ಯರ ಹಾಜರಾತಿ, ಔಷಧಿಗಳ ದಾಸ್ತಾನು ಪರಿಶೀಲಿಸಿದರು. ರೋಗಿಗಳ ಜತೆ ಮಾತನಾಡಿ ಸಮಸ್ಯೆಗಳ ಬಗ್ಗೆ ಮಾಹಿತಿ ಪಡೆದರು. ಲೋಪದೋಷಗಳನ್ನು ಕಂಡು ಅಸಮಾಧಾನ ವ್ಯಕ್ತಪಡಿಸಿದರು.
ಎಂದು ಹಿತೋಪದೇಶ ನೀಡಿದರು. ಬಳಿಕ ಹಿಂದುಳಿದ ವರ್ಗಗಳ ಕಲ್ಯಾಣ ಇಲಾಖೆಯ ವಿದ್ಯಾರ್ಥಿ ನಿಲಯಕ್ಕೆ ಭೇಟಿ ನೀಡಿ ಕಡತಗಳನ್ನು ಪರಿಶೀಲಿಸಿದರು. ಸರಿಯಾದ ದಾಖಲೆ ಇಲ್ಲದಿರುವುದನ್ನು ಕಂಡು ಅಧಿಕಾರಿಗಳನ್ನು ತರಾಟೆಗೆ ತೆಗೆದುಕೊಂಡರು.
ಕುಡಿಯುವ ನೀರು, ಸಮರ್ಪಕವಾದ ಶೌಚಾಲಯ ವ್ಯವಸ್ಥೆ ಕಲ್ಪಿಸಬೇಕು. ನಿಯಮಗಳನ್ನು ಉಲ್ಲಂಘಿಸಿದರೆ ಕ್ರಮ ಕೈಗೊಳ್ಳಲಾಗುವುದು ಎಂದು ಎಚ್ಚರಿಸಿದರು. ಲೋಕಾಯುಕ್ತ ಪೊಲೀಸ್ ಅಧೀಕ್ಷಕ, ತಹಸೀಲ್ದಾರ್, ತಾಲ್ಲೂಕು ಆರೋಗ್ಯಾಧಿಕಾರಿ ಸೇರಿದಂತೆ ವಿವಿಧ ಇಲಾಖೆಗಳ ಅಧಿಕಾರಿಗಳು ಇದ್ದರು.
